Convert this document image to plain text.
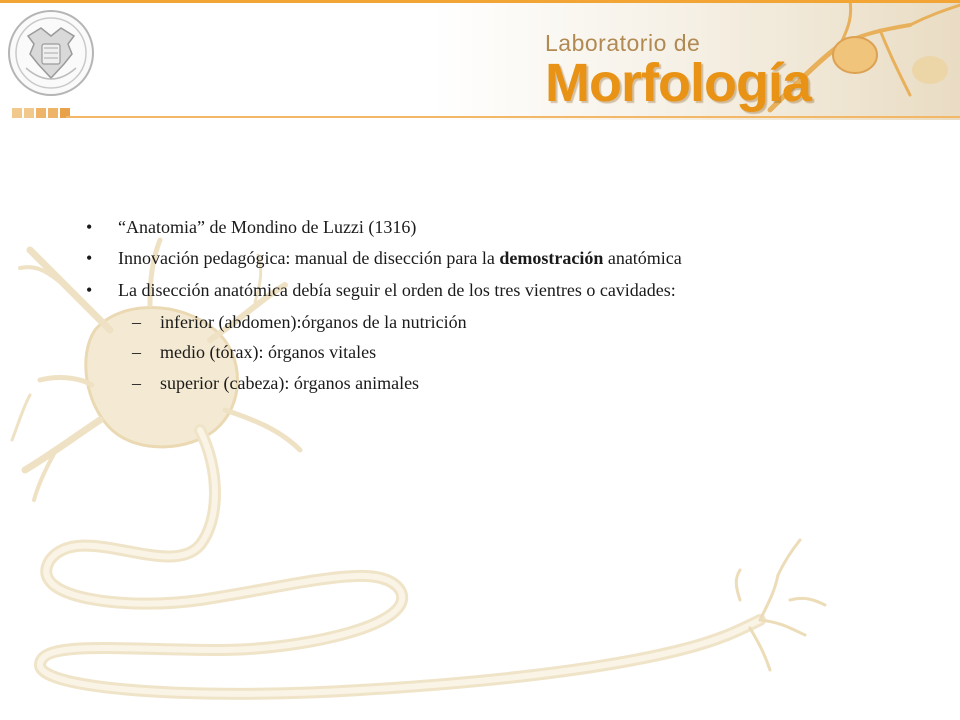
Laboratorio de
Morfología
• “Anatomia” de Mondino de Luzzi (1316)
• Innovación pedagógica: manual de disección para la demostración anatómica
• La disección anatómica debía seguir el orden de los tres vientres o cavidades:
– inferior (abdomen):órganos de la nutrición
– medio (tórax): órganos vitales
– superior (cabeza): órganos animales
